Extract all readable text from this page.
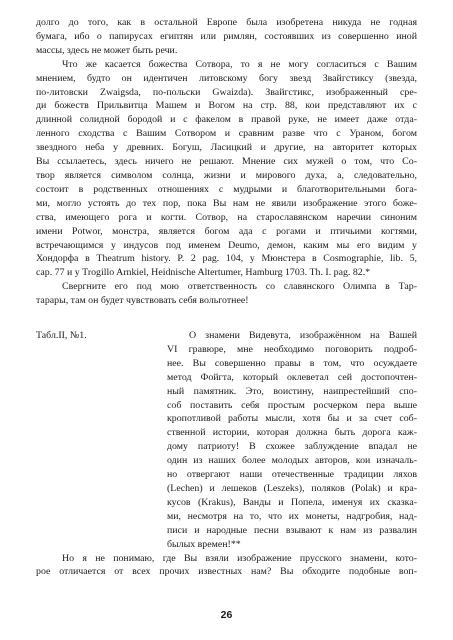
долго до того, как в остальной Европе была изобретена никуда не годная
бумага, ибо о папирусах египтян или римлян, состоявших из совершенно иной
массы, здесь не может быть речи.
Что же касается божества Сотвора, то я не могу согласиться с Вашим
мнением, будто он идентичен литовскому богу звезд Звайгстиксу (звезда,
по-литовски Zwaigsda, по-польски Gwaizda). Звайгстикс, изображенный сре-
ди божеств Прильвитца Машем и Вогом на стр. 88, кои представляют их с
длинной солидной бородой и с факелом в правой руке, не имеет даже отда-
ленного сходства с Вашим Сотвором и сравним разве что с Ураном, богом
звездного неба у древних. Богуш, Ласицкий и другие, на авторитет которых
Вы ссылаетесь, здесь ничего не решают. Мнение сих мужей о том, что Со-
твор является символом солнца, жизни и мирового духа, а, следовательно,
состоит в родственных отношениях с мудрыми и благотворительными бога-
ми, могло устоять до тех пор, пока Вы нам не явили изображение этого боже-
ства, имеющего рога и когти. Сотвор, на старославянском наречии синоним
имени Potwor, монстра, является богом ада с рогами и птичьими когтями,
встречающимся у индусов под именем Deumo, демон, каким мы его видим у
Хондорфа в Theatrum history. P. 2 pag. 104, у Мюнстера в Cosmographie, lib. 5,
cap. 77 и у Trogillo Arnkiel, Heidnische Altertumer, Hamburg 1703. Th. I. pag. 82.*
Свергните его под мою ответственность со славянского Олимпа в Тар-
тарары, там он будет чувствовать себя вольготнее!
Табл.II, №1.	О знамени Видевута, изображённом на Вашей
VI гравюре, мне необходимо поговорить подроб-
нее. Вы совершенно правы в том, что осуждаете
метод Фойгта, который оклеветал сей достопочтен-
ный памятник. Это, воистину, наипрестейший спо-
соб поставить себя простым росчерком пера выше
кропотливой работы мысли, хотя бы и за счет соб-
ственной истории, которая должна быть дорога каж-
дому патриоту! В схожее заблуждение впадал не
один из наших более молодых авторов, кои изначаль-
но отвергают наши отечественные традиции ляхов
(Lechen) и лешеков (Leszeks), поляков (Polak) и кра-
кусов (Krakus), Ванды и Попела, именуя их сказка-
ми, несмотря на то, что их монеты, надгробия, над-
писи и народные песни взывают к нам из развалин
былых времен!**
Но я не понимаю, где Вы взяли изображение прусского знамени, кото-
рое отличается от всех прочих известных нам? Вы обходите подобные воп-
26
